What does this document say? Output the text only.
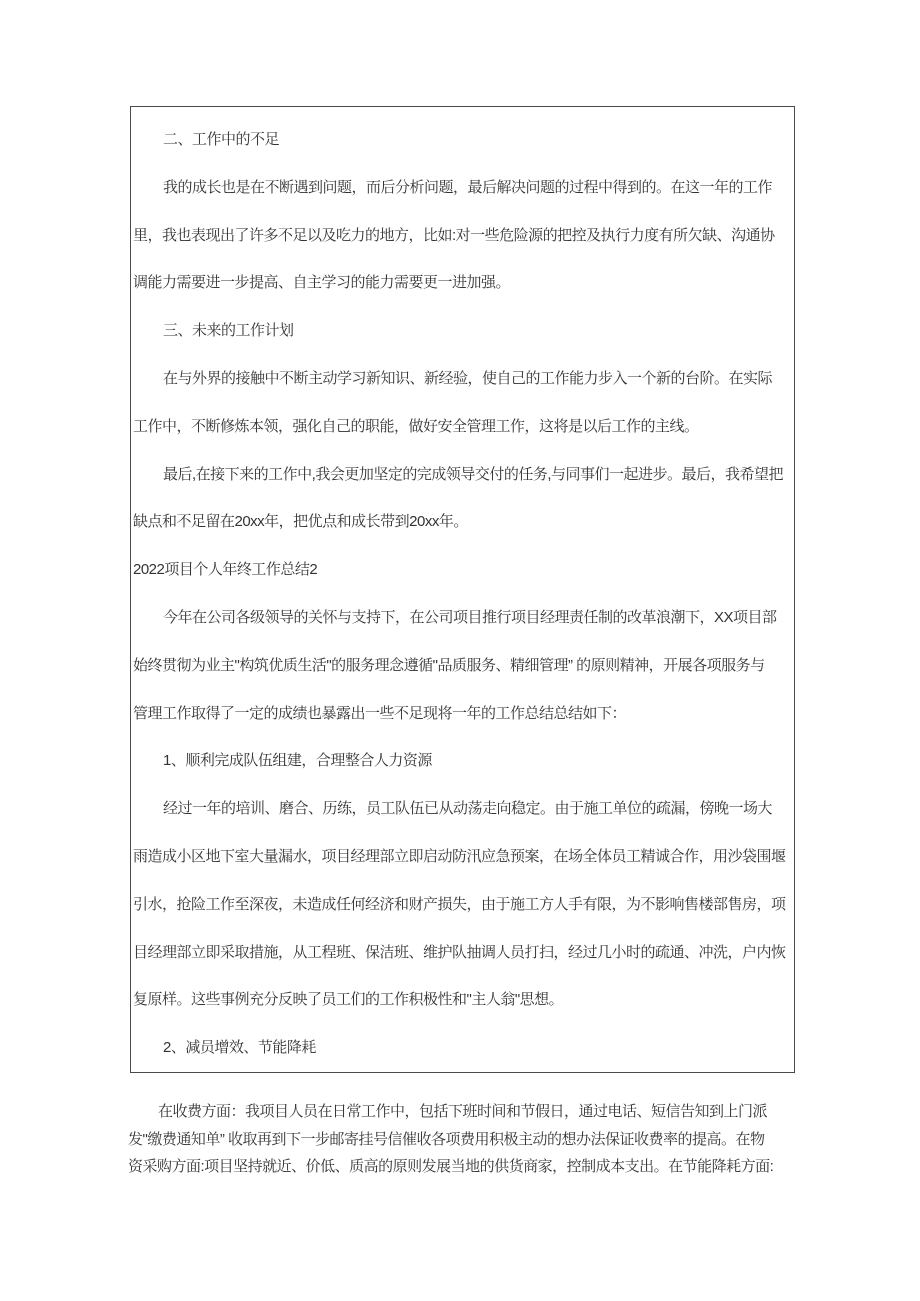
二、工作中的不足
我的成长也是在不断遇到问题，而后分析问题，最后解决问题的过程中得到的。在这一年的工作
里，我也表现出了许多不足以及吃力的地方，比如:对一些危险源的把控及执行力度有所欠缺、沟通协
调能力需要进一步提高、自主学习的能力需要更一进加强。
三、未来的工作计划
在与外界的接触中不断主动学习新知识、新经验，使自己的工作能力步入一个新的台阶。在实际
工作中，不断修炼本领，强化自己的职能，做好安全管理工作，这将是以后工作的主线。
最后,在接下来的工作中,我会更加坚定的完成领导交付的任务,与同事们一起进步。最后，我希望把
缺点和不足留在20xx年，把优点和成长带到20xx年。
2022项目个人年终工作总结2
今年在公司各级领导的关怀与支持下，在公司项目推行项目经理责任制的改革浪潮下，XX项目部
始终贯彻为业主"构筑优质生活"的服务理念遵循"品质服务、精细管理” 的原则精神，开展各项服务与
管理工作取得了一定的成绩也暴露出一些不足现将一年的工作总结总结如下：
1、顺利完成队伍组建，合理整合人力资源
经过一年的培训、磨合、历练，员工队伍已从动荡走向稳定。由于施工单位的疏漏，傍晚一场大
雨造成小区地下室大量漏水，项目经理部立即启动防汛应急预案，在场全体员工精诚合作，用沙袋围堰
引水，抢险工作至深夜，未造成任何经济和财产损失，由于施工方人手有限，为不影响售楼部售房，项
目经理部立即采取措施，从工程班、保洁班、维护队抽调人员打扫，经过几小时的疏通、冲洗，户内恢
复原样。这些事例充分反映了员工们的工作积极性和"主人翁"思想。
2、减员增效、节能降耗
在收费方面：我项目人员在日常工作中，包括下班时间和节假日，通过电话、短信告知到上门派
发"缴费通知单” 收取再到下一步邮寄挂号信催收各项费用积极主动的想办法保证收费率的提高。在物
资采购方面:项目坚持就近、价低、质高的原则发展当地的供货商家，控制成本支出。在节能降耗方面:
